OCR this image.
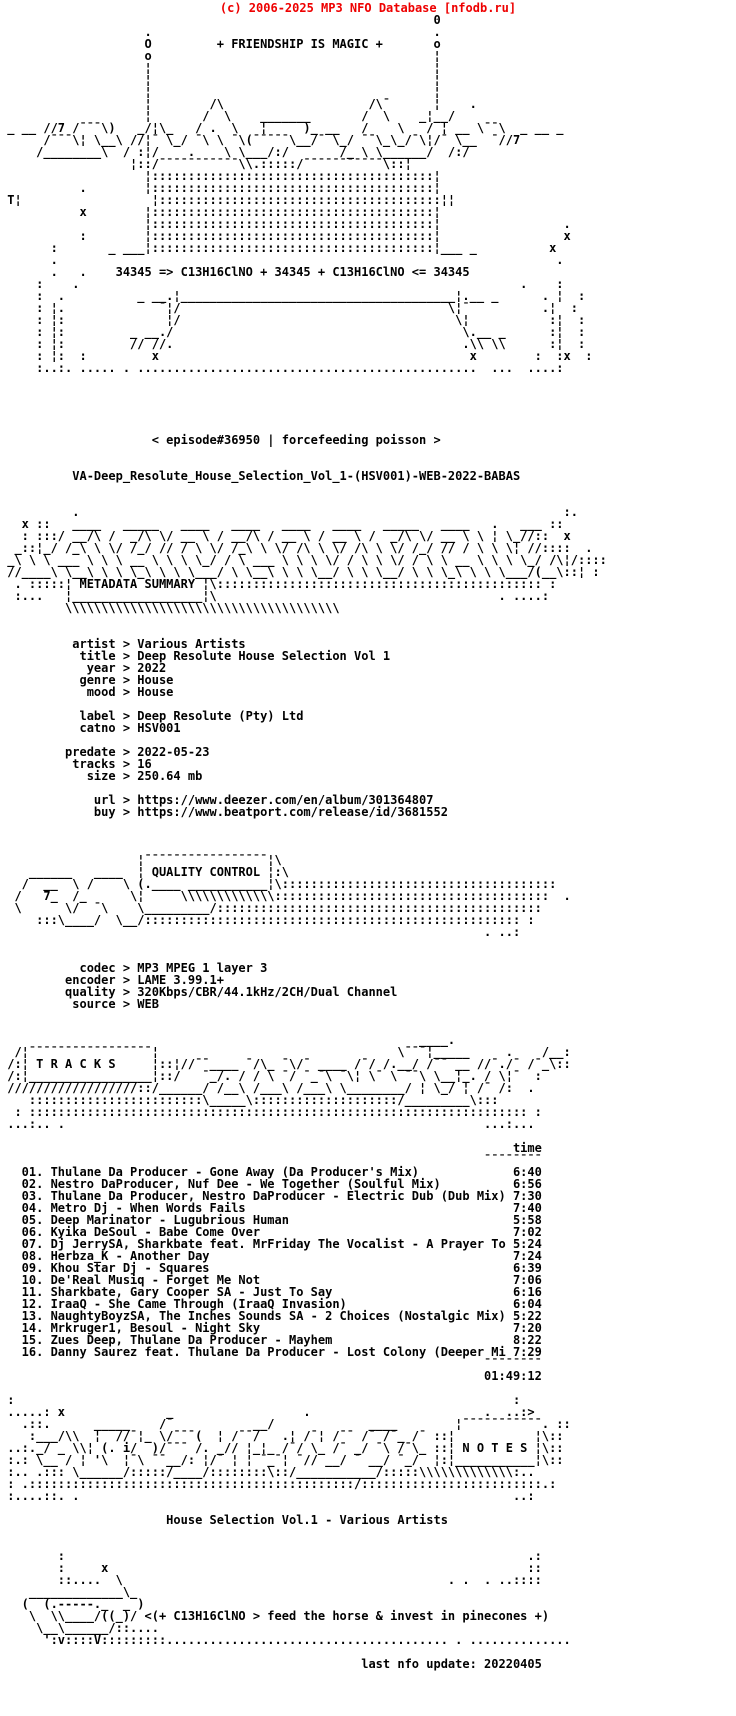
(c) 2006-2025 MP3 NFO Database [nfodb.ru]
0
.                                       .
O         + FRIENDSHIP IS MAGIC +       o
o                                       ¦
¦                                       ¦
¦                                       ¦
¦                                       ¦
¦        /\                    /\¯      ¦    .
¦       /  \    _______       /  \    _¦__/
_ __ //7 /¯¯¯\)   _/¦\_   / .  \   ¦     )_ __   /    \   / ¦ __ \¯¯\  _ __ _
/¯¯¯\¦ \__\ //¦¯ \_/ ¯\ \ ¯\(¯¯¯¯¯\__/¯ \_/ ¯¯\_\_/¯\¦/¯ \__  ¯//7
/________\  / :¦/    .    \ \___/:/       /_ \ \______/  /:/
¦::/¯¯¯¯¯¯¯¯¯¯¯\\.:::::/¯¯¯¯¯¯¯¯¯¯¯\::¦
¦:::::::::::::::::::::::::::::::::::::::¦
.        ¦:::::::::::::::::::::::::::::::::::::::¦
T¦                  ¦:::::::::::::::::::::::::::::::::::::::¦¦
x        ¦:::::::::::::::::::::::::::::::::::::::¦
¦:::::::::::::::::::::::::::::::::::::::¦                 .
:        ¦:::::::::::::::::::::::::::::::::::::::¦                 x
:       _ ___¦:::::::::::::::::::::::::::::::::::::::¦___ _          x
.                                                                     .
.   .    34345 => C13H16ClNO + 34345 + C13H16ClNO <= 34345
:    .                                                             .    :
:  .          _ __.¦______________________________________¦.__ _      . ¦  :
: ¦.             ¯¦/                                     \¦¯          .¦  :
: ¦:              ¦/                                      \¦           :¦  :
: ¦:         _ __./                                        \.__ _      :¦  :
: ¦:         // //.                                        .\\ \\      :¦  :
: ¦:  :         x                                           x        :  :x  :
:..:. ..... . ...............................................  ...  ....:

< episode#36950 | forcefeeding poisson >

VA-Deep_Resolute_House_Selection_Vol_1-(HSV001)-WEB-2022-BABAS

.                                                                   :.
x ::   ____   _____   ____   ____   ____   ____   _____   ____   .   ___ ::
: :::/ __/\ /  _/\ \/ __ \ / __/\ / __ \ / __ \ /  _/\ \/ __ \ \ ¦ \_//::  x
_::¦_/ /_\ \ \/ /_/ // / \ \/ /_\ \ \/ /\ \ \/ /\ \ \/ /_/ // / \ \ \¦ //::::  .
_\ \ \ ___ \ \ \ __ \ \ \ \_/ / \ ___ \ \ \ \/ / \ \ \/ / \ \ __ \ \ \ \_/ /\¦/::::
//____\ \__\ \ \ \_\ \ \ \___/ \ \__\ \ \ \__/ \ \ \__/ \ \ \_\ \ \ \___/(__\::¦ :
. :::::¦ METADATA SUMMARY ¦\::::::::::::::::::::::::::::::::::::::::::::: :
:...   ¦__________________¦\                                       . ....:
\\\\\\\\\\\\\\\\\\\\\\\\\\\\\\\\\\\\\\

artist > Various Artists
title > Deep Resolute House Selection Vol 1
year > 2022
genre > House
mood > House

label > Deep Resolute (Pty) Ltd
catno > HSV001

predate > 2022-05-23
tracks > 16
size > 250.64 mb

url > https://www.deezer.com/en/album/301364807
buy > https://www.beatport.com/release/id/3681552

¦¯¯¯¯¯¯¯¯¯¯¯¯¯¯¯¯¯¦\
______   ____  ¦ QUALITY CONTROL ¦:\
/  __  \ /    \ (.____ ___________¦\::::::::::::::::::::::::::::::::::::::
/   7_  /_      \¦     \\\\\\\\\\\\\::::::::::::::::::::::::::::::::::::::  .
\      \/  ¯\    \_________/:::::::::::::::::::::::::::::::::::::::::::::
:::\____/  \__/:::::::::::::::::::::::::::::::::::::::::::::::::::: :
. ..:

codec > MP3 MPEG 1 layer 3
encoder > LAME 3.99.1+
quality > 320Kbps/CBR/44.1kHz/2CH/Dual Channel
source > WEB

____.
/¦¯¯¯¯¯¯¯¯¯¯¯¯¯¯¯¯¯¦                                 \¯¯¯¦_____     .    /__:
/:¦ T R A C K S     ¦::¦//¯¯____ ¯/\_ ¯\/¯ ____ /¯/ /.__/ /¯¯ __ //¯./¯ /¯_\::
/:¦_________________¦::/   ¯_/. / / \ ¯/ ¯_¯\ ¯\¦ \¯ \ ¯¯\ \__¦_. / \¦¯  :
//////////////////::/______/ /__\ /___\ /___\ \________/ ¦ \_/ ¦ /¯ /:  .
::::::::::::::::::::::::\_____\::::::::::::::::::::/_________\:::
: ::::::::::::::::::::::::::::::::::::::::::::::::::::::::::::::::::::: :
...:.. .                                                          ...:...

time
¯¯¯¯¯¯¯¯
01. Thulane Da Producer - Gone Away (Da Producer's Mix)             6:40
02. Nestro DaProducer, Nuf Dee - We Together (Soulful Mix)          6:56
03. Thulane Da Producer, Nestro DaProducer - Electric Dub (Dub Mix) 7:30
04. Metro Dj - When Words Fails                                     7:40
05. Deep Marinator - Lugubrious Human                               5:58
06. Kyika DeSoul - Babe Come Over                                   7:02
07. Dj JerrySA, Sharkbate feat. MrFriday The Vocalist - A Prayer To 5:24
08. Herbza_K - Another Day                                          7:24
09. Khou Star Dj - Squares                                          6:39
10. De'Real Musiq - Forget Me Not                                   7:06
11. Sharkbate, Gary Cooper SA - Just To Say                         6:16
12. IraaQ - She Came Through (IraaQ Invasion)                       6:04
13. NaughtyBoyzSA, The Inches Sounds SA - 2 Choices (Nostalgic Mix) 5:22
14. Mrkruger1, Besoul - Night Sky                                   7:20
15. Zues Deep, Thulane Da Producer - Mayhem                         8:22
16. Danny Saurez feat. Thulane Da Producer - Lost Colony (Deeper Mi 7:29
¯¯¯¯¯¯¯¯
01:49:12

:                                                                     :
.....: x              _                  .                        .  ..:>
.::.      _____    /¯           __/             ____        ¦¯¯¯¯¯¯¯¯¯¯¯. ::
:___/\\  ¦  //¯¦_ \/¯¯¯(  ¦ /¯¯/   .¦ /¯¦ /¯¯ /¯ /¯_ /¯ ::¦           ¦\::
..:._/ _ \\¦ (. i/  )/¯¯¯ /. _// ¦_¦_ /¯/ \_ /¯ _/ ¯\ /¯\_ ::¦ N O T E S ¦\::
:.: \__ / ¦ '\  ¦¯\ ¯¯__/: ¦/¯ ¦ ¦ ¯_¯¦ ¯// __/ ¯ __/ ¯_/  ¦:¦___________¦\::
:.. .::: \______/:::::/____/::::::::\::/___________/:::::\\\\\\\\\\\\\:..
: .:::::::::::::::::::::::::::::::::::::::::::::/:::::::::::::::::::::::::.:
:....::. .                                                            ..:

House Selection Vol.1 - Various Artists

:                                                                .:
:     x                                                          ::
::....  \                                             . .  . ..::::
_____________\_
(  (.-----._  _ )
\  \\____/((_)/ <(+ C13H16ClNO > feed the horse & invest in pinecones +)
\__\______/::....
':v::::V:::::::::....................................... . ..............

last nfo update: 20220405
